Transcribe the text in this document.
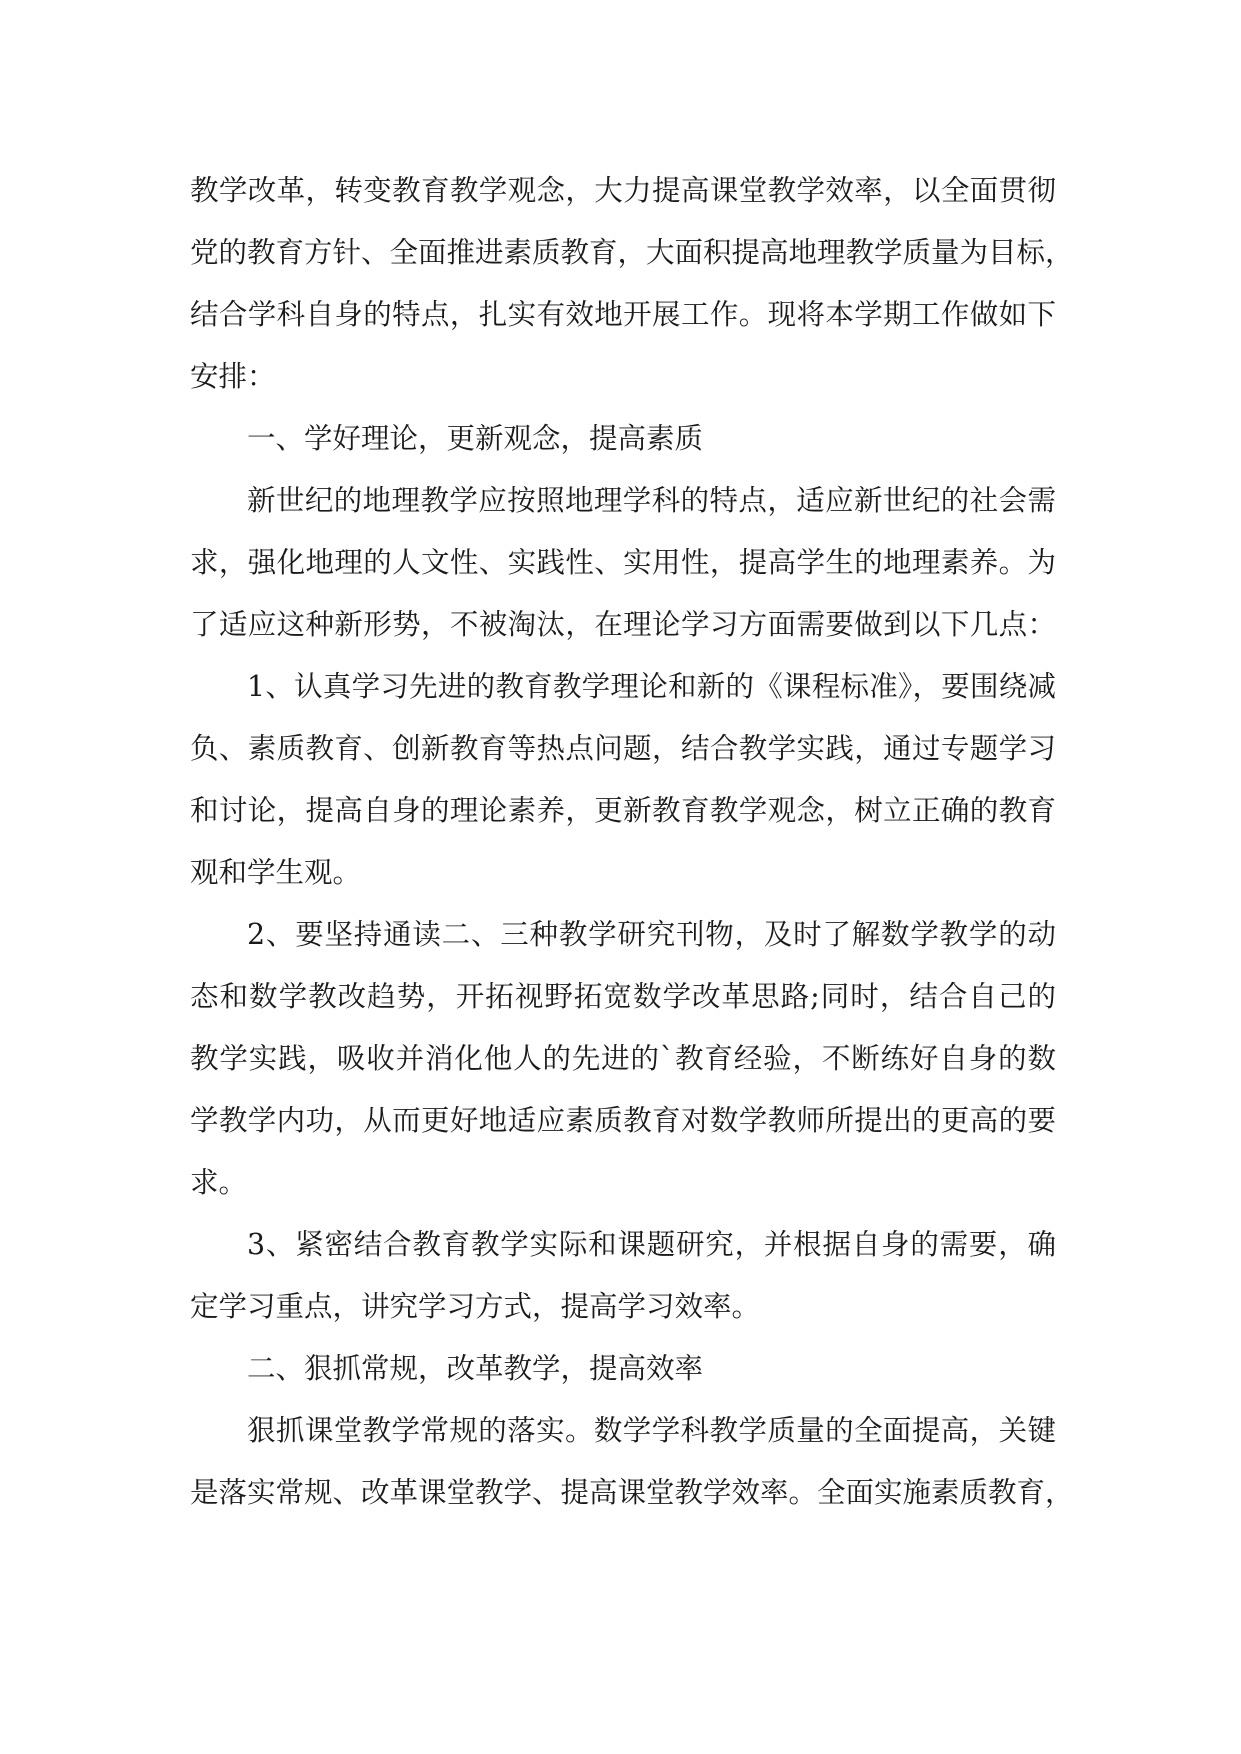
教学改革，转变教育教学观念，大力提高课堂教学效率，以全面贯彻
党的教育方针、全面推进素质教育，大面积提高地理教学质量为目标，
结合学科自身的特点，扎实有效地开展工作。现将本学期工作做如下
安排：
一、学好理论，更新观念，提高素质
新世纪的地理教学应按照地理学科的特点，适应新世纪的社会需
求，强化地理的人文性、实践性、实用性，提高学生的地理素养。为
了适应这种新形势，不被淘汰，在理论学习方面需要做到以下几点：
1、认真学习先进的教育教学理论和新的《课程标准》，要围绕减
负、素质教育、创新教育等热点问题，结合教学实践，通过专题学习
和讨论，提高自身的理论素养，更新教育教学观念，树立正确的教育
观和学生观。
2、要坚持通读二、三种教学研究刊物，及时了解数学教学的动
态和数学教改趋势，开拓视野拓宽数学改革思路;同时，结合自己的
教学实践，吸收并消化他人的先进的`教育经验，不断练好自身的数
学教学内功，从而更好地适应素质教育对数学教师所提出的更高的要
求。
3、紧密结合教育教学实际和课题研究，并根据自身的需要，确
定学习重点，讲究学习方式，提高学习效率。
二、狠抓常规，改革教学，提高效率
狠抓课堂教学常规的落实。数学学科教学质量的全面提高，关键
是落实常规、改革课堂教学、提高课堂教学效率。全面实施素质教育，
